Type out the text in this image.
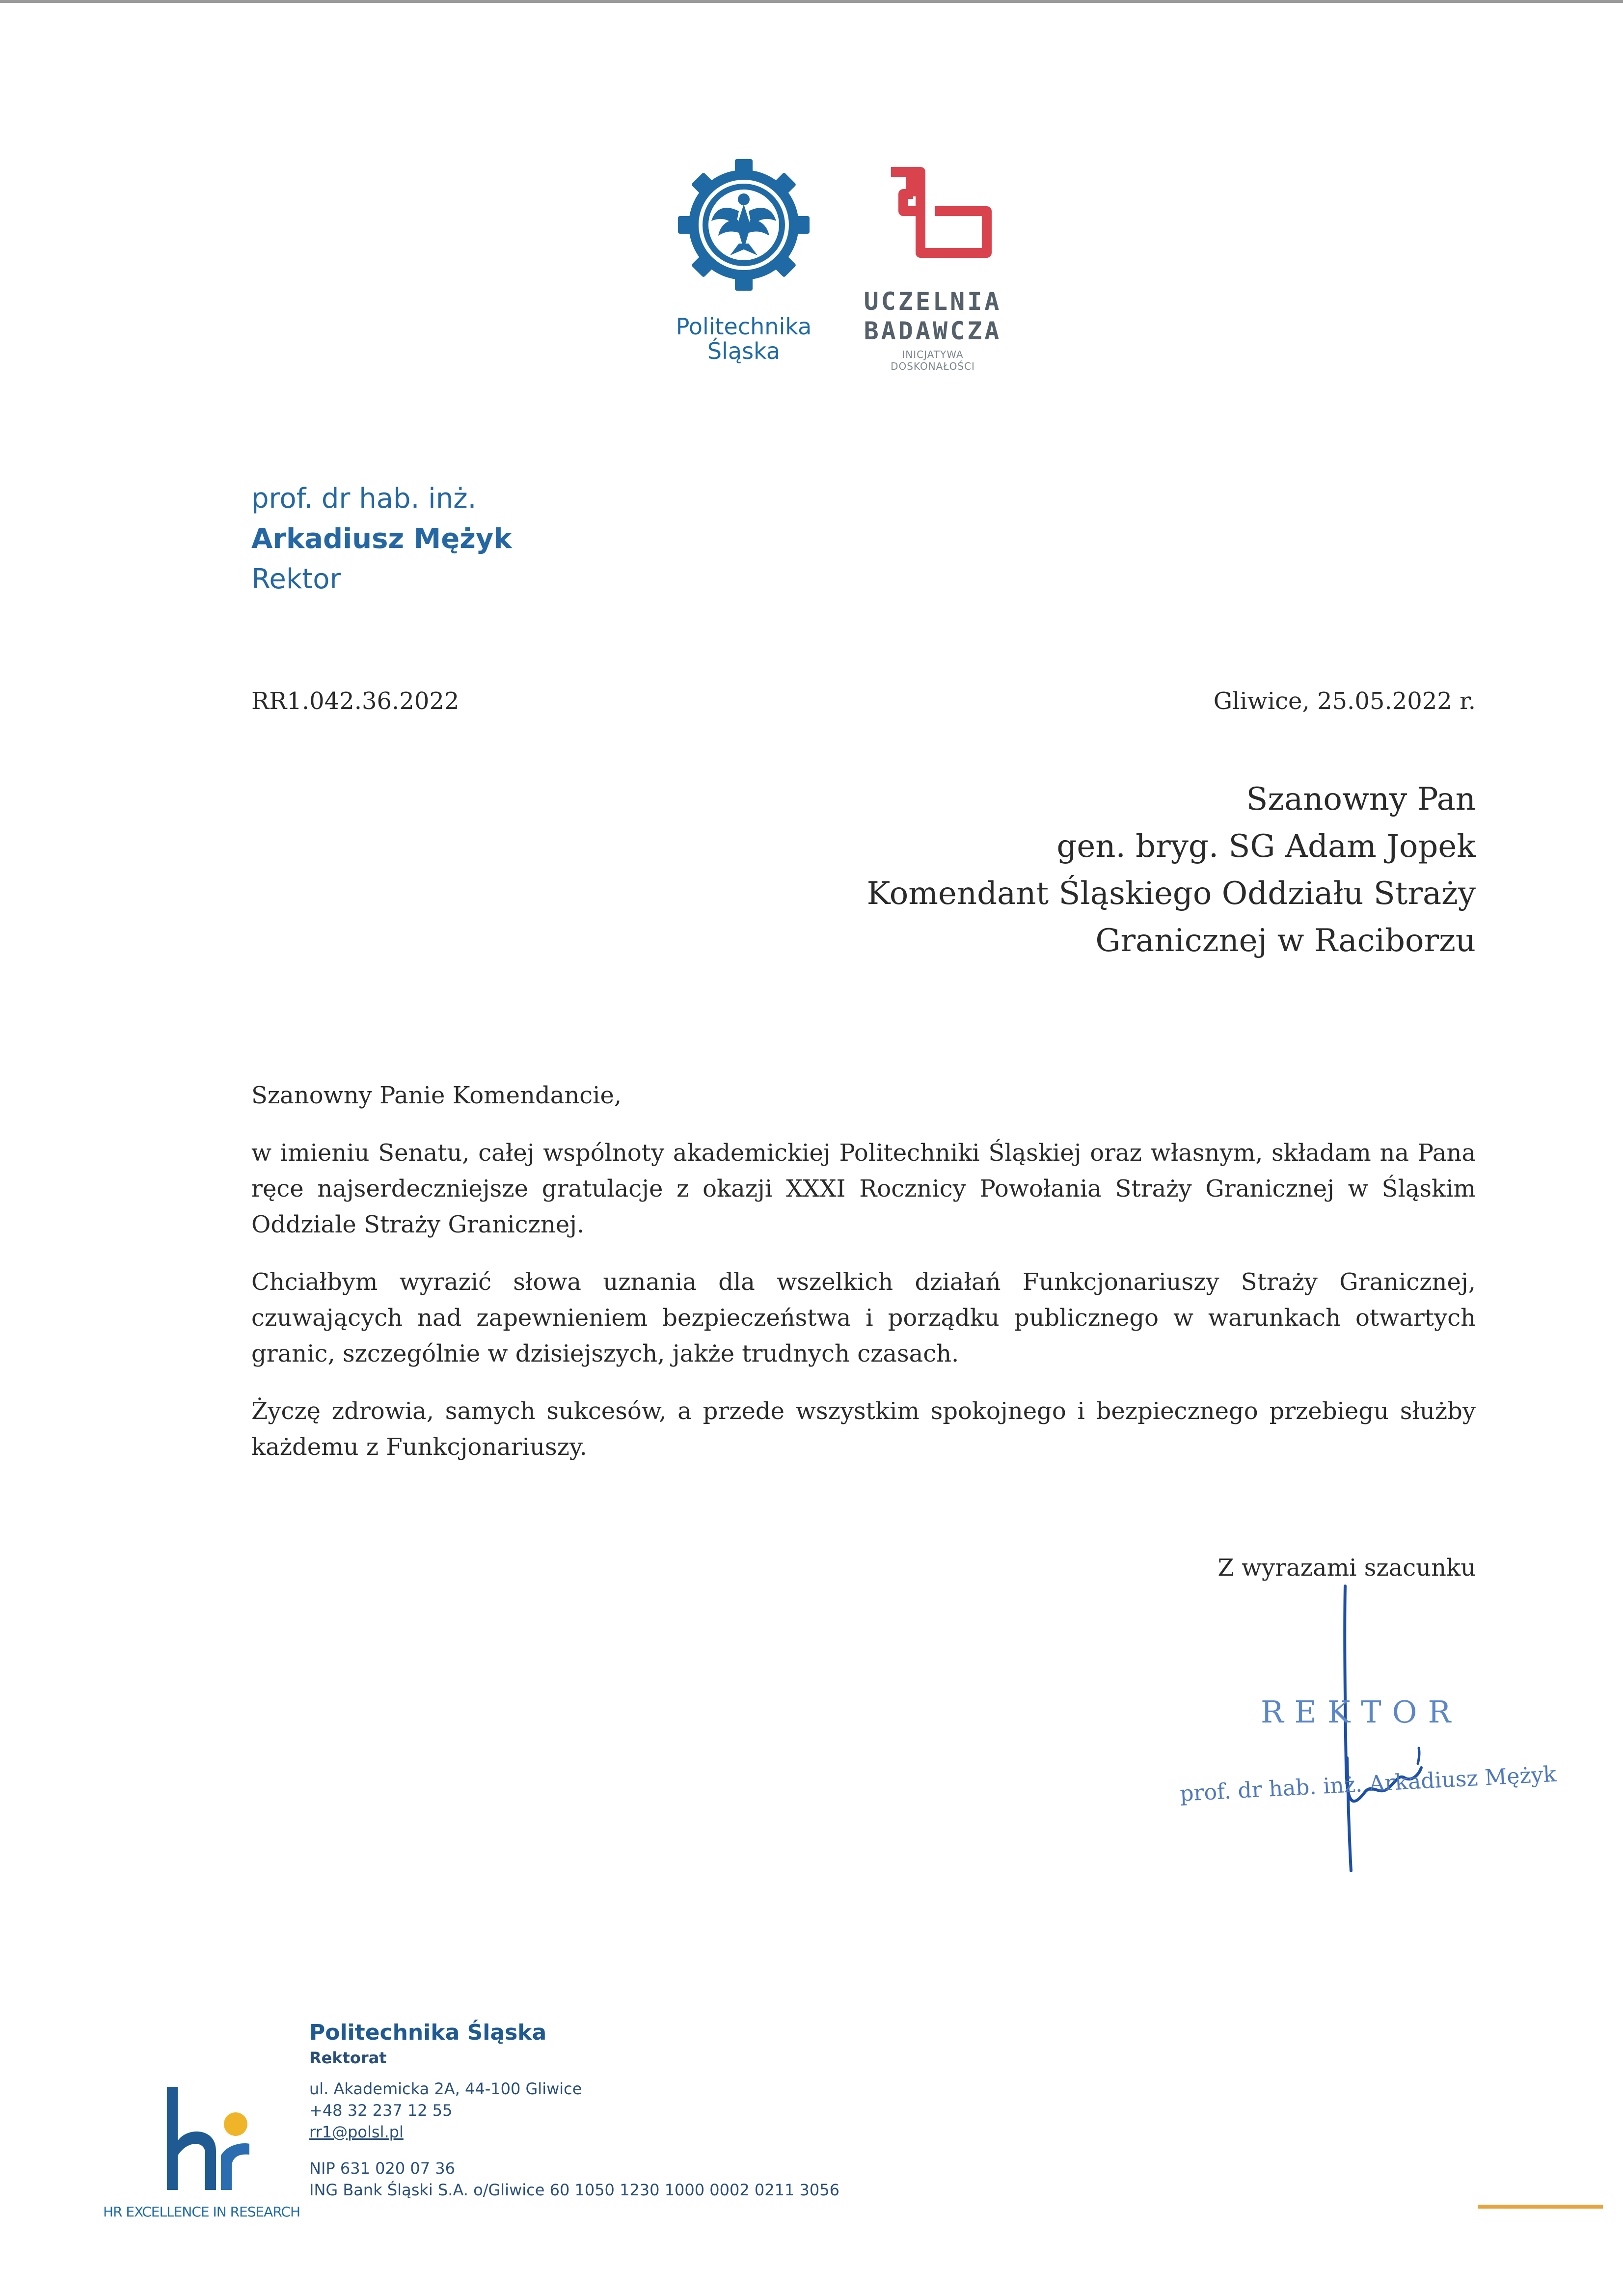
Politechnika
Śląska
UCZELNIA
BADAWCZA
INICJATYWA DOSKONAŁOŚCI
prof. dr hab. inż.
Arkadiusz Mężyk
Rektor
RR1.042.36.2022	Gliwice, 25.05.2022 r.
Szanowny Pan
gen. bryg. SG Adam Jopek
Komendant Śląskiego Oddziału Straży
Granicznej w Raciborzu

Szanowny Panie Komendancie,

w imieniu Senatu, całej wspólnoty akademickiej Politechniki Śląskiej oraz własnym, składam na Pana ręce najserdeczniejsze gratulacje z okazji XXXI Rocznicy Powołania Straży Granicznej w Śląskim Oddziale Straży Granicznej.

Chciałbym wyrazić słowa uznania dla wszelkich działań Funkcjonariuszy Straży Granicznej, czuwających nad zapewnieniem bezpieczeństwa i porządku publicznego w warunkach otwartych granic, szczególnie w dzisiejszych, jakże trudnych czasach.

Życzę zdrowia, samych sukcesów, a przede wszystkim spokojnego i bezpiecznego przebiegu służby każdemu z Funkcjonariuszy.

Z wyrazami szacunku
REKTOR
prof. dr hab. inż. Arkadiusz Mężyk
HR EXCELLENCE IN RESEARCH
Politechnika Śląska
Rektorat
ul. Akademicka 2A, 44-100 Gliwice
+48 32 237 12 55
rr1@polsl.pl
NIP 631 020 07 36
ING Bank Śląski S.A. o/Gliwice 60 1050 1230 1000 0002 0211 3056
